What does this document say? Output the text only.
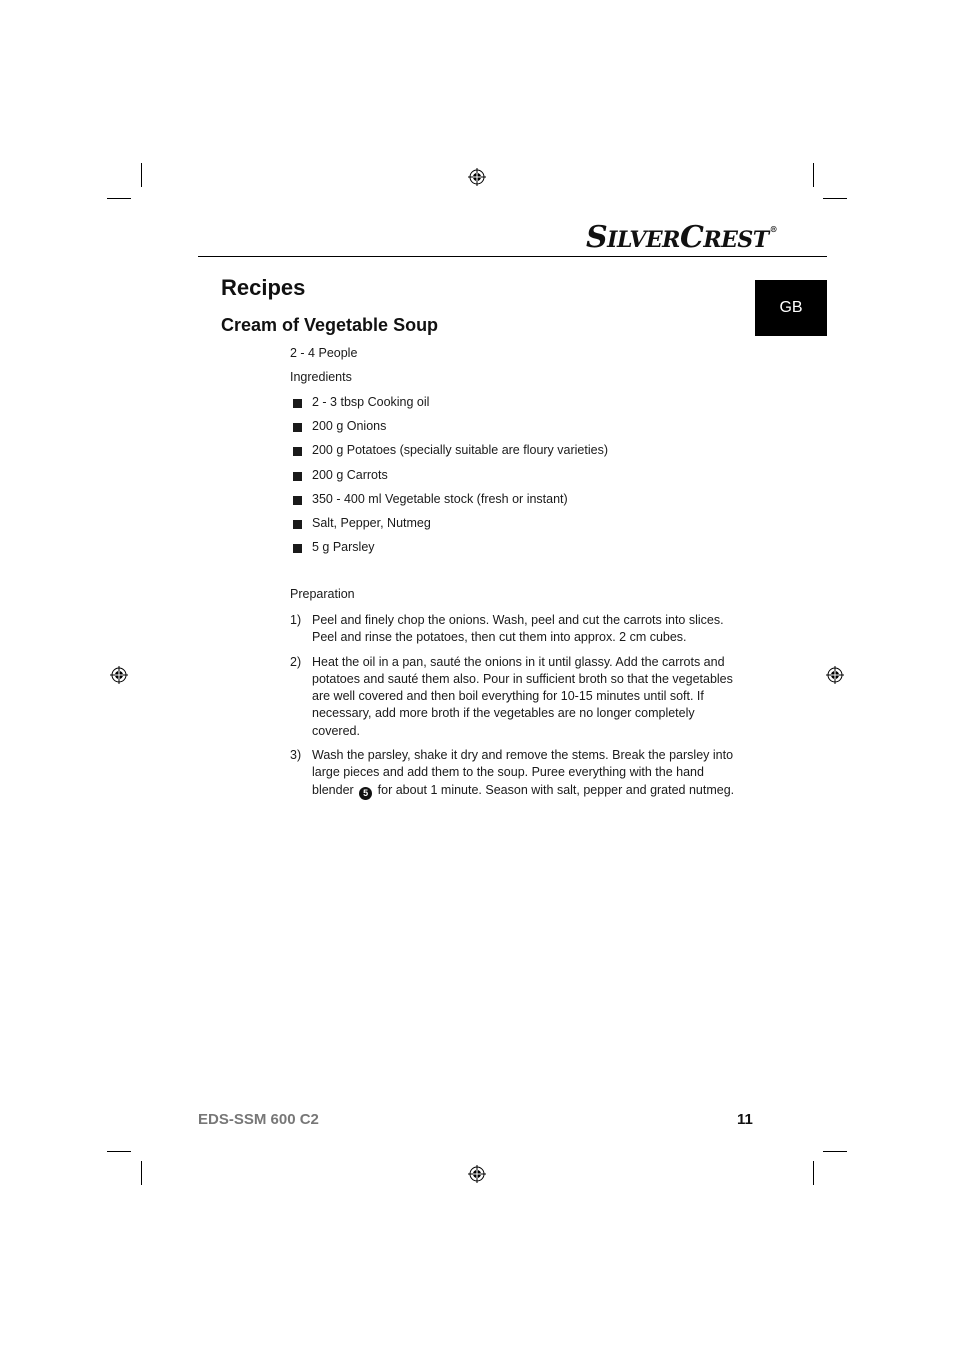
SILVERCREST®
GB
Recipes
Cream of Vegetable Soup
2 - 4 People
Ingredients
2 - 3 tbsp Cooking oil
200 g Onions
200 g Potatoes (specially suitable are floury varieties)
200 g Carrots
350 - 400 ml Vegetable stock (fresh or instant)
Salt, Pepper, Nutmeg
5 g Parsley
Preparation
1) Peel and finely chop the onions. Wash, peel and cut the carrots into slices. Peel and rinse the potatoes, then cut them into approx. 2 cm cubes.
2) Heat the oil in a pan, sauté the onions in it until glassy. Add the carrots and potatoes and sauté them also. Pour in sufficient broth so that the vegetables are well covered and then boil everything for 10-15 minutes until soft. If necessary, add more broth if the vegetables are no longer completely covered.
3) Wash the parsley, shake it dry and remove the stems. Break the parsley into large pieces and add them to the soup. Puree everything with the hand blender 5 for about 1 minute. Season with salt, pepper and grated nutmeg.
EDS-SSM 600 C2	11
